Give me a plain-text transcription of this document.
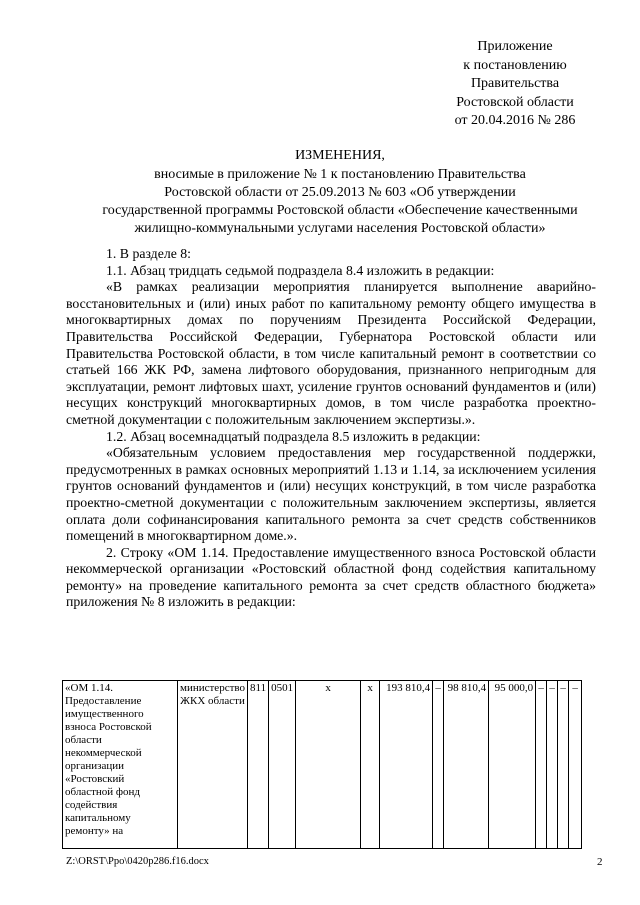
Приложение
к постановлению
Правительства
Ростовской области
от 20.04.2016 № 286
ИЗМЕНЕНИЯ,
вносимые в приложение № 1 к постановлению Правительства
Ростовской области от 25.09.2013 № 603 «Об утверждении
государственной программы Ростовской области «Обеспечение качественными
жилищно-коммунальными услугами населения Ростовской области»

1. В разделе 8:

1.1. Абзац тридцать седьмой подраздела 8.4 изложить в редакции:

«В рамках реализации мероприятия планируется выполнение аварийно-восстановительных и (или) иных работ по капитальному ремонту общего имущества в многоквартирных домах по поручениям Президента Российской Федерации, Правительства Российской Федерации, Губернатора Ростовской области или Правительства Ростовской области, в том числе капитальный ремонт в соответствии со статьей 166 ЖК РФ, замена лифтового оборудования, признанного непригодным для эксплуатации, ремонт лифтовых шахт, усиление грунтов оснований фундаментов и (или) несущих конструкций многоквартирных домов, в том числе разработка проектно-сметной документации с положительным заключением экспертизы.».

1.2. Абзац восемнадцатый подраздела 8.5 изложить в редакции:

«Обязательным условием предоставления мер государственной поддержки, предусмотренных в рамках основных мероприятий 1.13 и 1.14, за исключением усиления грунтов оснований фундаментов и (или) несущих конструкций, в том числе разработка проектно-сметной документации с положительным заключением экспертизы, является оплата доли софинансирования капитального ремонта за счет средств собственников помещений в многоквартирном доме.».

2. Строку «ОМ 1.14. Предоставление имущественного взноса Ростовской области некоммерческой организации «Ростовский областной фонд содействия капитальному ремонту» на проведение капитального ремонта за счет средств областного бюджета» приложения № 8 изложить в редакции:

«ОМ 1.14. Предоставление имущественного взноса Ростовской области некоммерческой организации «Ростовский областной фонд содействия капитальному ремонту» на	министерство ЖКХ области	811	0501	х	х	193 810,4	–	98 810,4	95 000,0	–	–	–	–
Z:\ORST\Ppo\0420p286.f16.docx	2
